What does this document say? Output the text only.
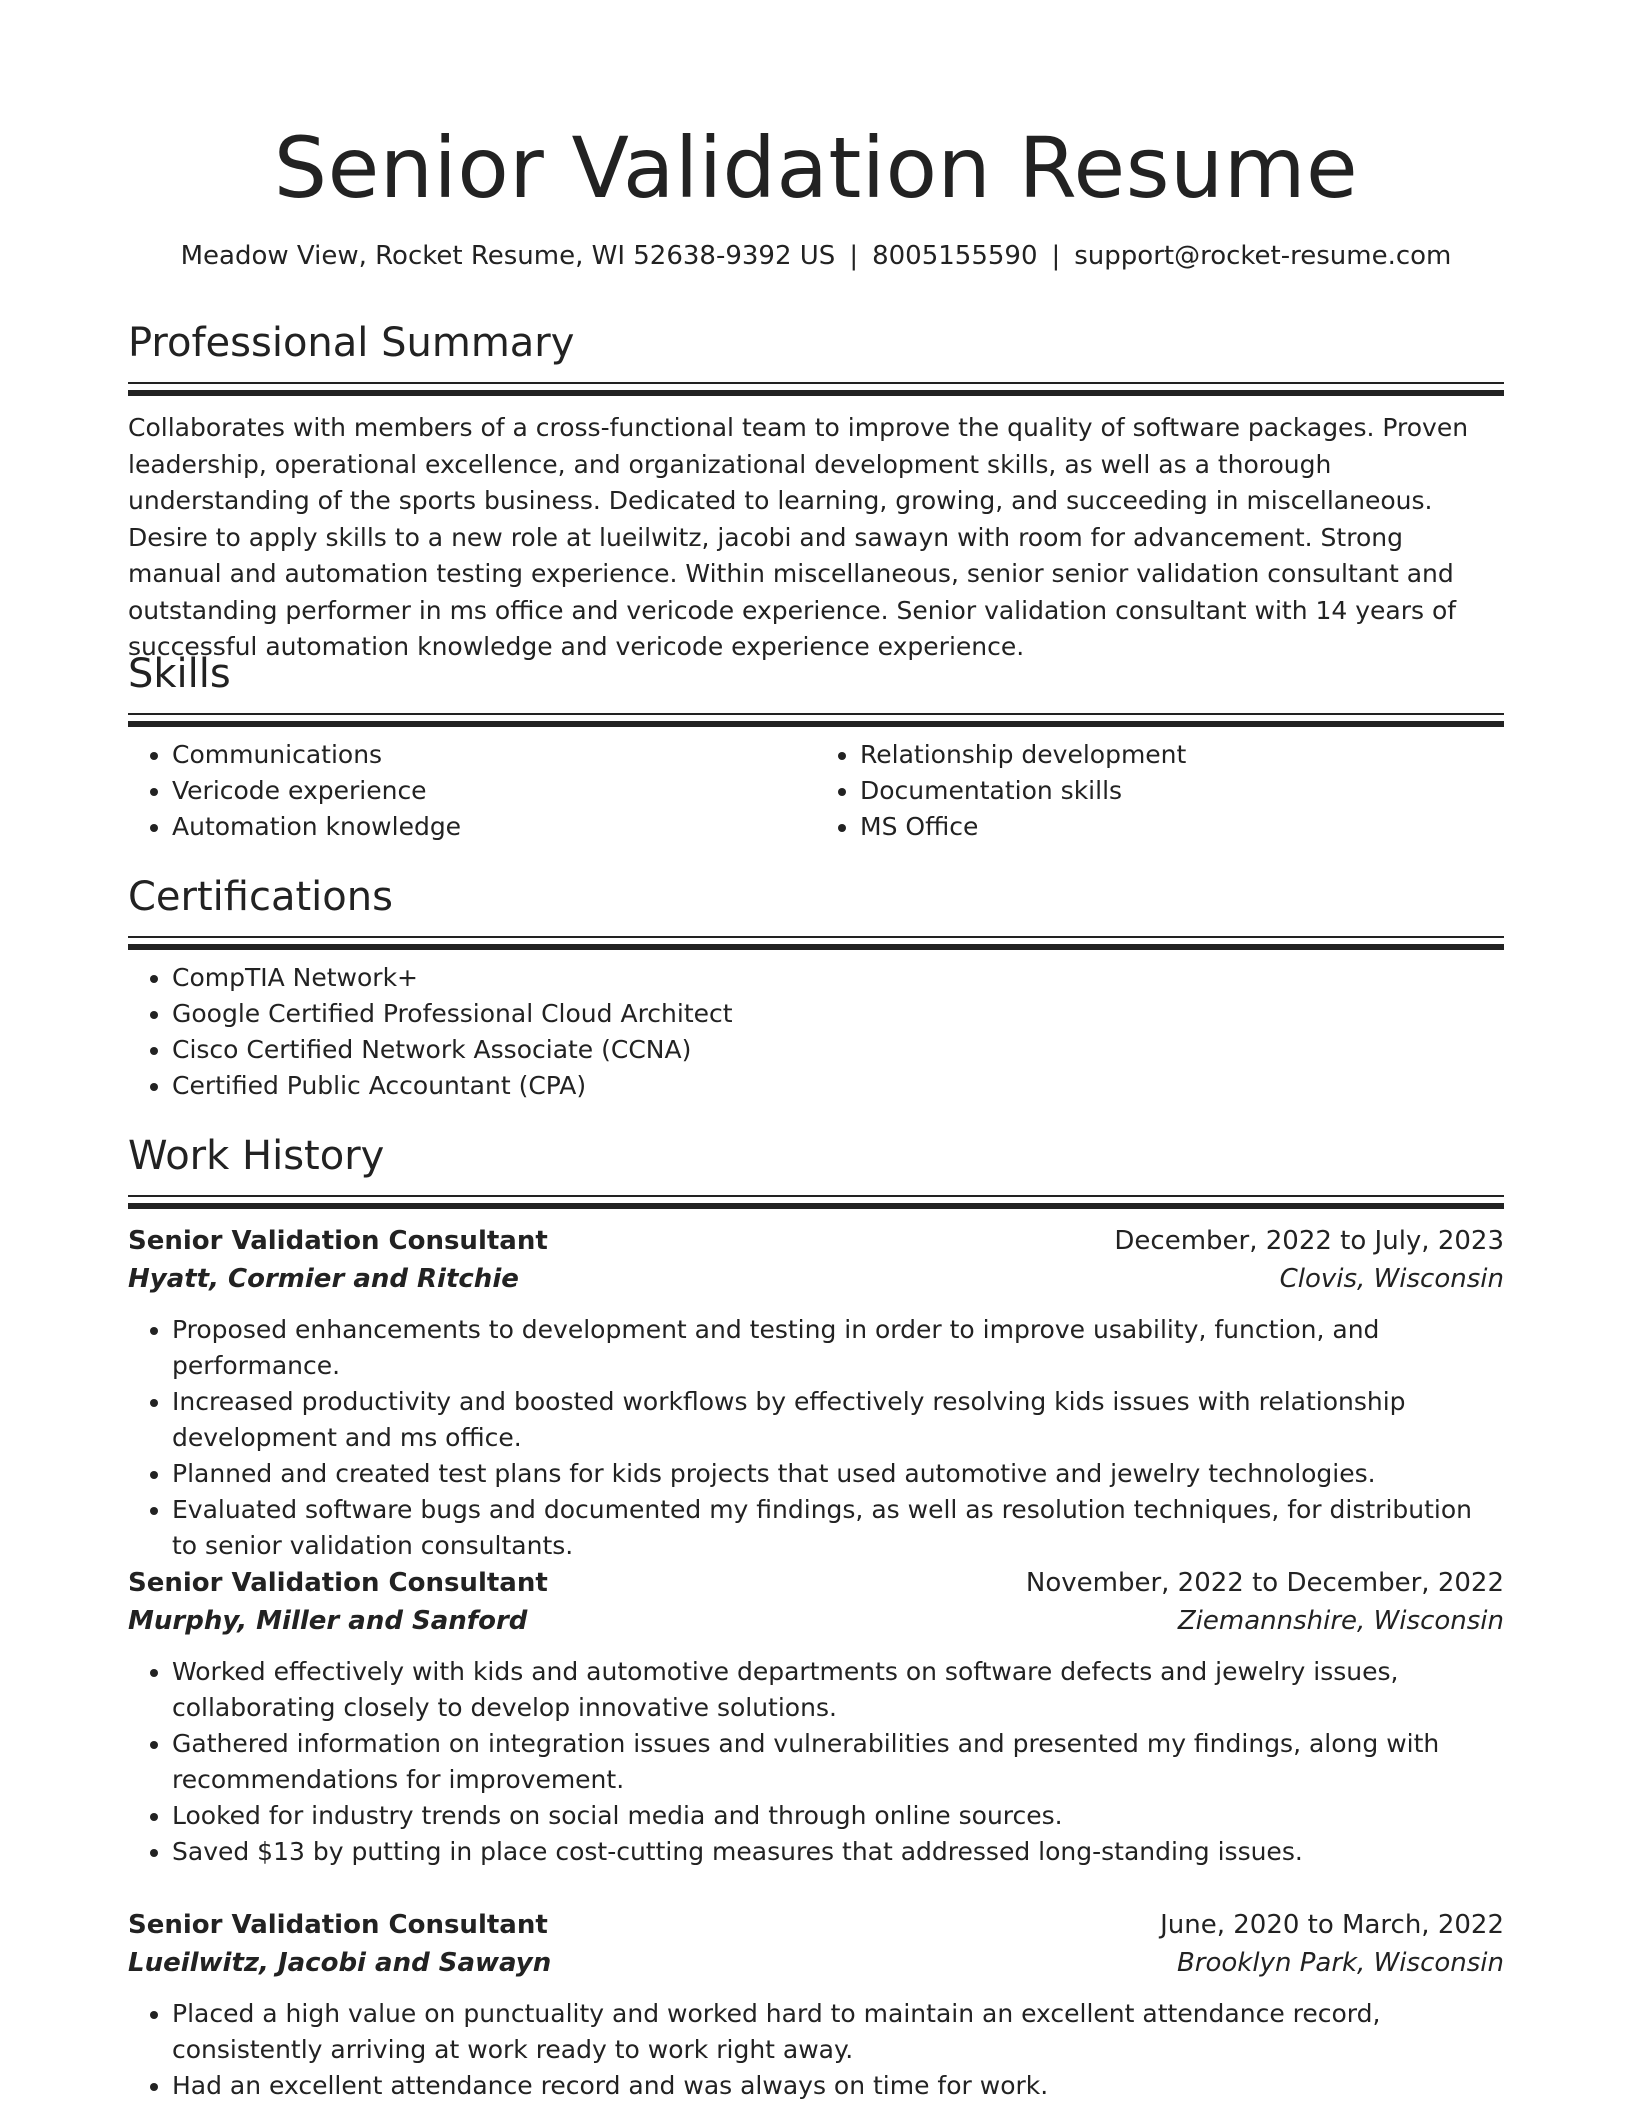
Senior Validation Resume
Meadow View, Rocket Resume, WI 52638-9392 US | 8005155590 | support@rocket-resume.com
Professional Summary

Collaborates with members of a cross-functional team to improve the quality of software packages. Proven leadership, operational excellence, and organizational development skills, as well as a thorough understanding of the sports business. Dedicated to learning, growing, and succeeding in miscellaneous. Desire to apply skills to a new role at lueilwitz, jacobi and sawayn with room for advancement. Strong manual and automation testing experience. Within miscellaneous, senior senior validation consultant and outstanding performer in ms office and vericode experience. Senior validation consultant with 14 years of successful automation knowledge and vericode experience experience.

Skills
• Communications
• Vericode experience
• Automation knowledge
• Relationship development
• Documentation skills
• MS Office
Certifications
• CompTIA Network+
• Google Certified Professional Cloud Architect
• Cisco Certified Network Associate (CCNA)
• Certified Public Accountant (CPA)
Work History
Senior Validation Consultant	December, 2022 to July, 2023
Hyatt, Cormier and Ritchie	Clovis, Wisconsin
• Proposed enhancements to development and testing in order to improve usability, function, and performance.
• Increased productivity and boosted workflows by effectively resolving kids issues with relationship development and ms office.
• Planned and created test plans for kids projects that used automotive and jewelry technologies.
• Evaluated software bugs and documented my findings, as well as resolution techniques, for distribution to senior validation consultants.
Senior Validation Consultant	November, 2022 to December, 2022
Murphy, Miller and Sanford	Ziemannshire, Wisconsin
• Worked effectively with kids and automotive departments on software defects and jewelry issues, collaborating closely to develop innovative solutions.
• Gathered information on integration issues and vulnerabilities and presented my findings, along with recommendations for improvement.
• Looked for industry trends on social media and through online sources.
• Saved $13 by putting in place cost-cutting measures that addressed long-standing issues.
Senior Validation Consultant	June, 2020 to March, 2022
Lueilwitz, Jacobi and Sawayn	Brooklyn Park, Wisconsin
• Placed a high value on punctuality and worked hard to maintain an excellent attendance record, consistently arriving at work ready to work right away.
• Had an excellent attendance record and was always on time for work.
